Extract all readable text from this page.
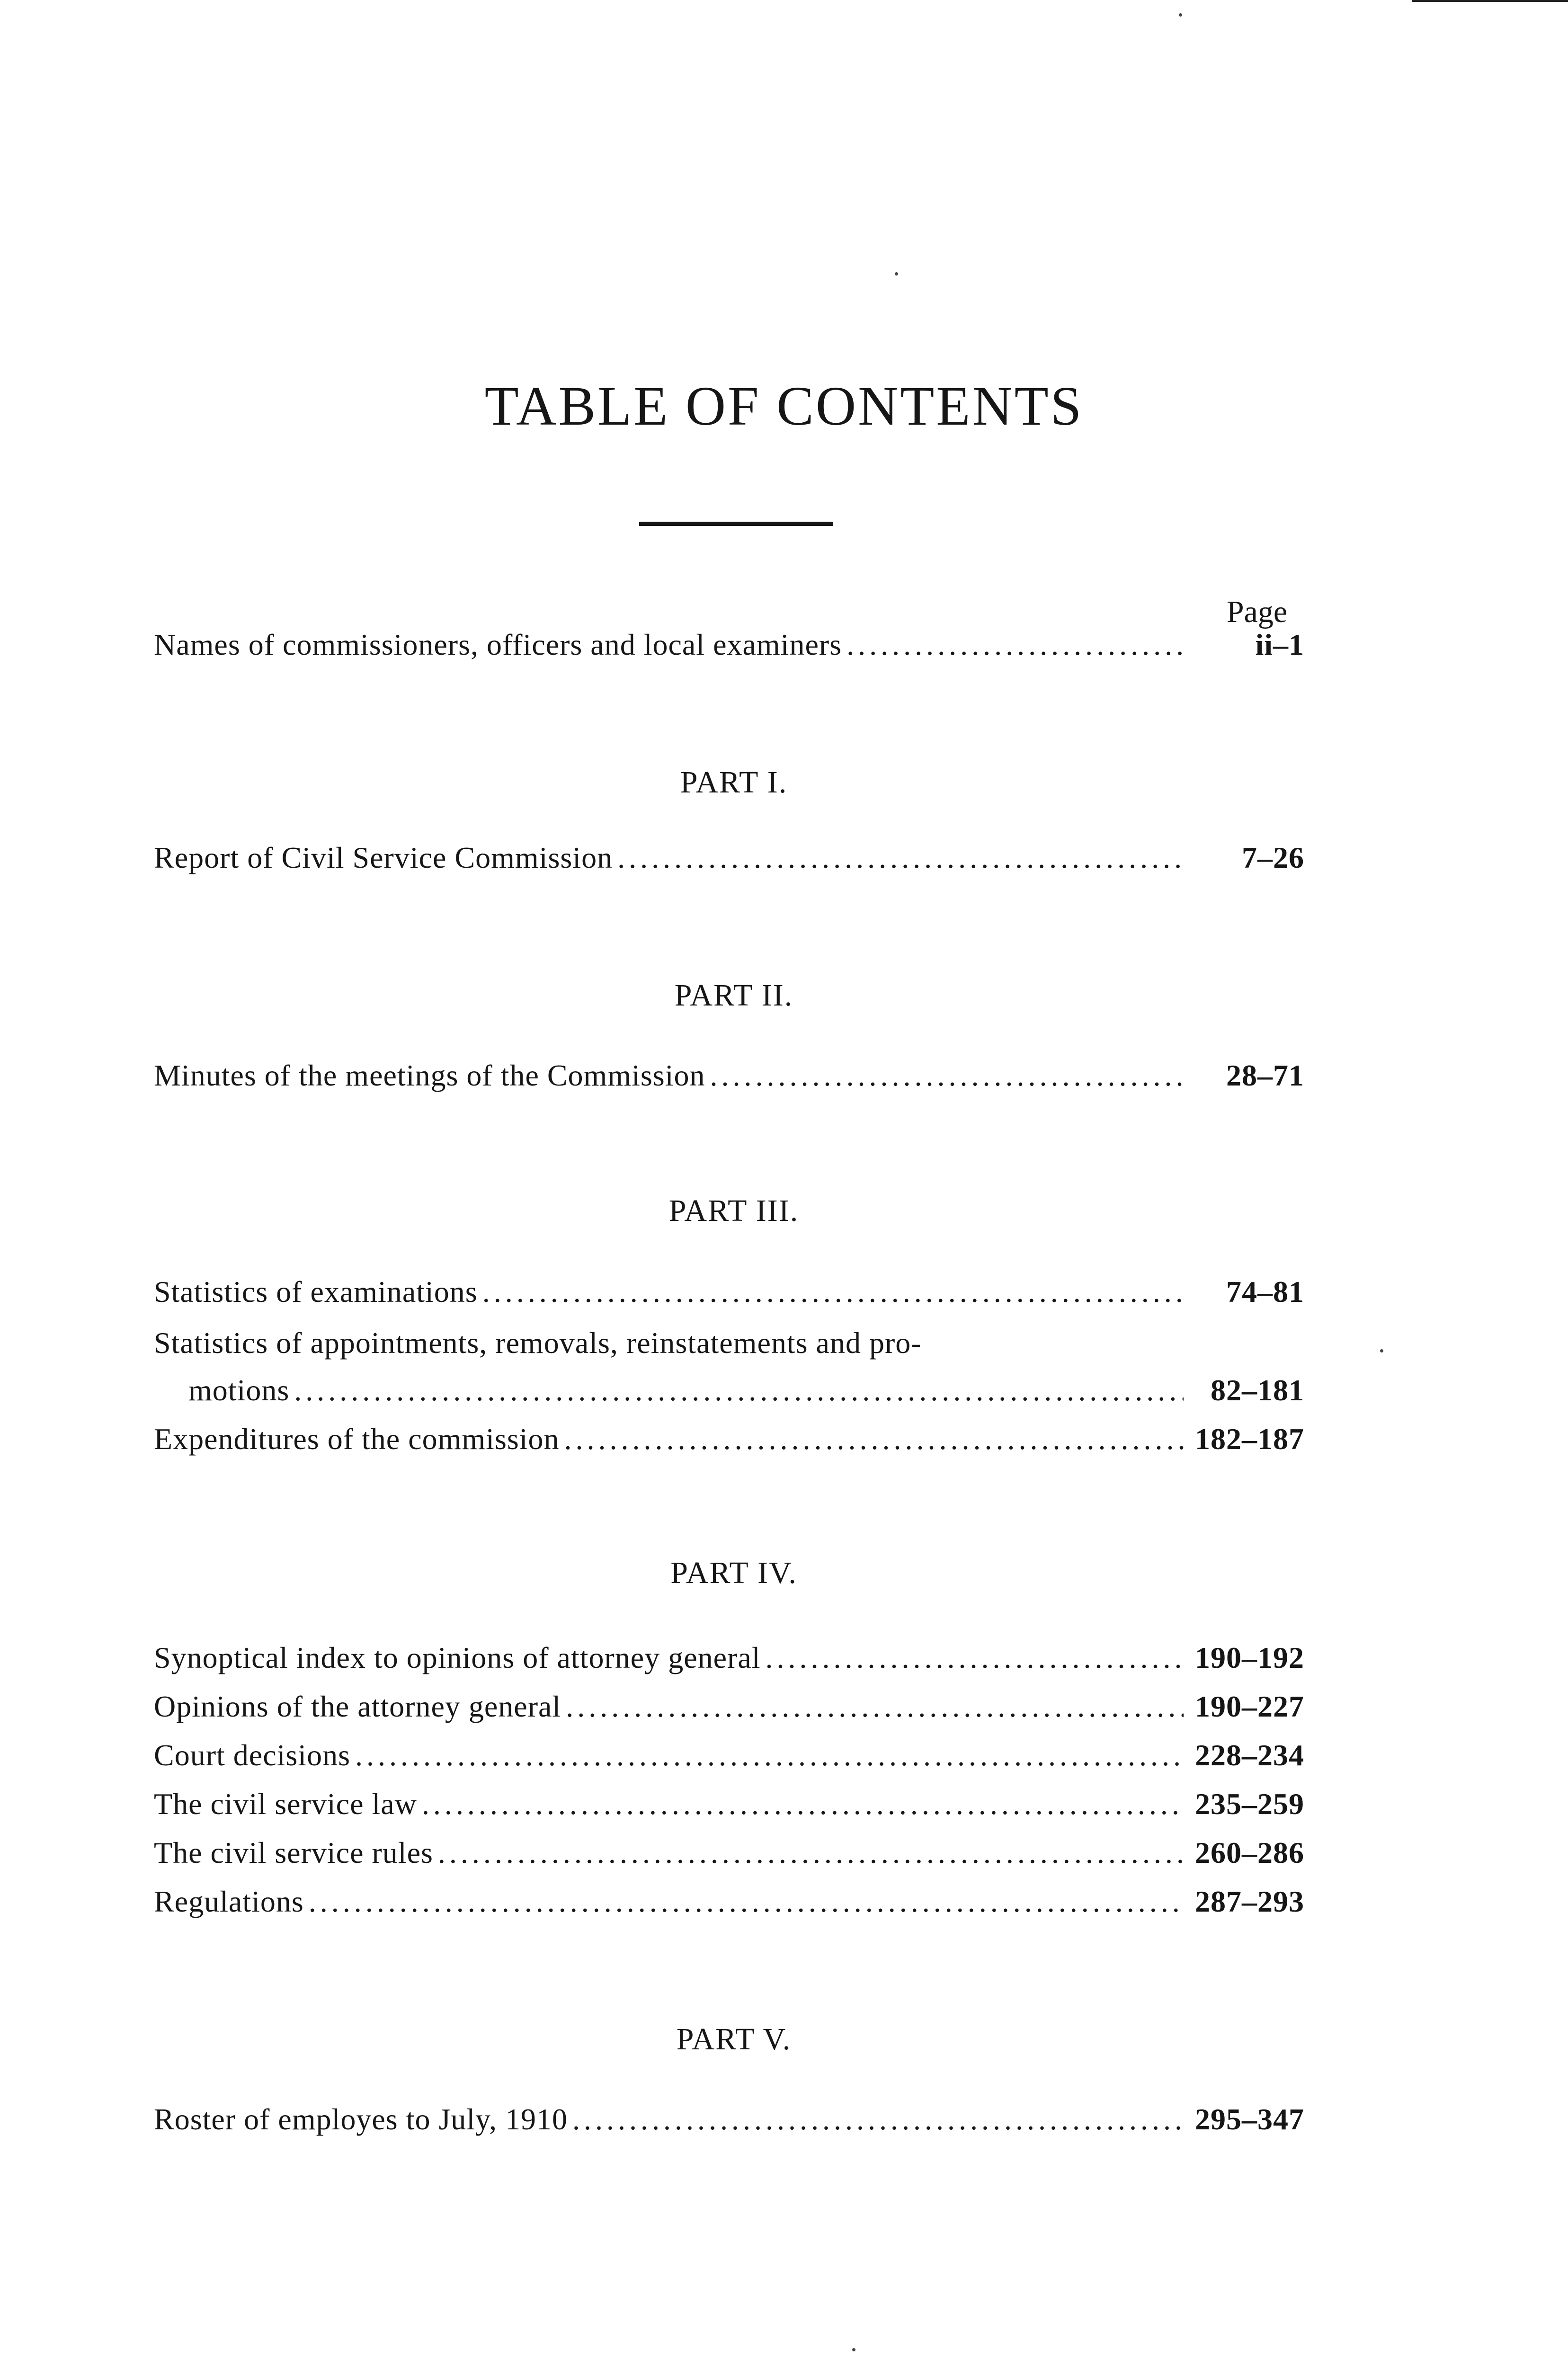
TABLE OF CONTENTS
Page
Names of commissioners, officers and local examiners .....	ii–1
PART I.
Report of Civil Service Commission .....	7–26
PART II.
Minutes of the meetings of the Commission .....	28–71
PART III.
Statistics of examinations .....	74–81
Statistics of appointments, removals, reinstatements and pro-
motions .....	82–181
Expenditures of the commission .....	182–187
PART IV.
Synoptical index to opinions of attorney general .....	190–192
Opinions of the attorney general .....	190–227
Court decisions .....	228–234
The civil service law .....	235–259
The civil service rules .....	260–286
Regulations .....	287–293
PART V.
Roster of employes to July, 1910 .....	295–347
